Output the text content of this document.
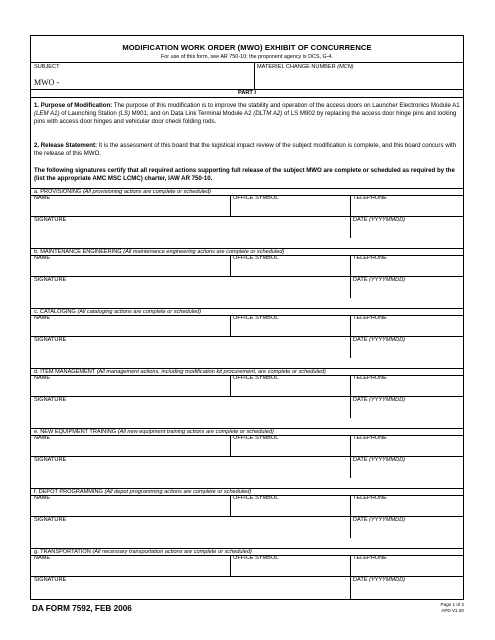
MODIFICATION WORK ORDER (MWO) EXHIBIT OF CONCURRENCE
For use of this form, see AR 750-10; the proponent agency is DCS, G-4.
SUBJECT
MWO -
MATERIEL CHANGE NUMBER (MCN)
PART I
1. Purpose of Modification: The purpose of this modification is to improve the stability and operation of the access doors on Launcher Electronics Module A1 (LEM A1) of Launching Station (LS) M901, and on Data Link Terminal Module A2 (DLTM A2) of LS M902 by replacing the access door hinge pins and locking pins with access door hinges and vehicular door check folding rods.
2. Release Statement: It is the assessment of this board that the logistical impact review of the subject modification is complete, and this board concurs with the release of this MWO.
The following signatures certify that all required actions supporting full release of the subject MWO are complete or scheduled as required by the (list the appropriate AMC MSC LCMC) charter, IAW AR 750-10.
a. PROVISIONING (All provisioning actions are complete or scheduled)
NAME	OFFICE SYMBOL	TELEPHONE
SIGNATURE	DATE (YYYYMMDD)
b. MAINTENANCE ENGINEERING (All maintenance engineering actions are complete or scheduled)
NAME	OFFICE SYMBOL	TELEPHONE
SIGNATURE	DATE (YYYYMMDD)
c. CATALOGING (All cataloging actions are complete or scheduled)
NAME	OFFICE SYMBOL	TELEPHONE
SIGNATURE	DATE (YYYYMMDD)
d. ITEM MANAGEMENT (All management actions, including modification kit procurement, are complete or scheduled)
NAME	OFFICE SYMBOL	TELEPHONE
SIGNATURE	DATE (YYYYMMDD)
e. NEW EQUIPMENT TRAINING (All new equipment training actions are complete or scheduled)
NAME	OFFICE SYMBOL	TELEPHONE
SIGNATURE	DATE (YYYYMMDD)
f. DEPOT PROGRAMMING (All depot programming actions are complete or scheduled)
NAME	OFFICE SYMBOL	TELEPHONE
SIGNATURE	DATE (YYYYMMDD)
g. TRANSPORTATION (All necessary transportation actions are complete or scheduled)
NAME	OFFICE SYMBOL	TELEPHONE
SIGNATURE	DATE (YYYYMMDD)
DA FORM 7592, FEB 2006	Page 1 of 2
APD V1.00
